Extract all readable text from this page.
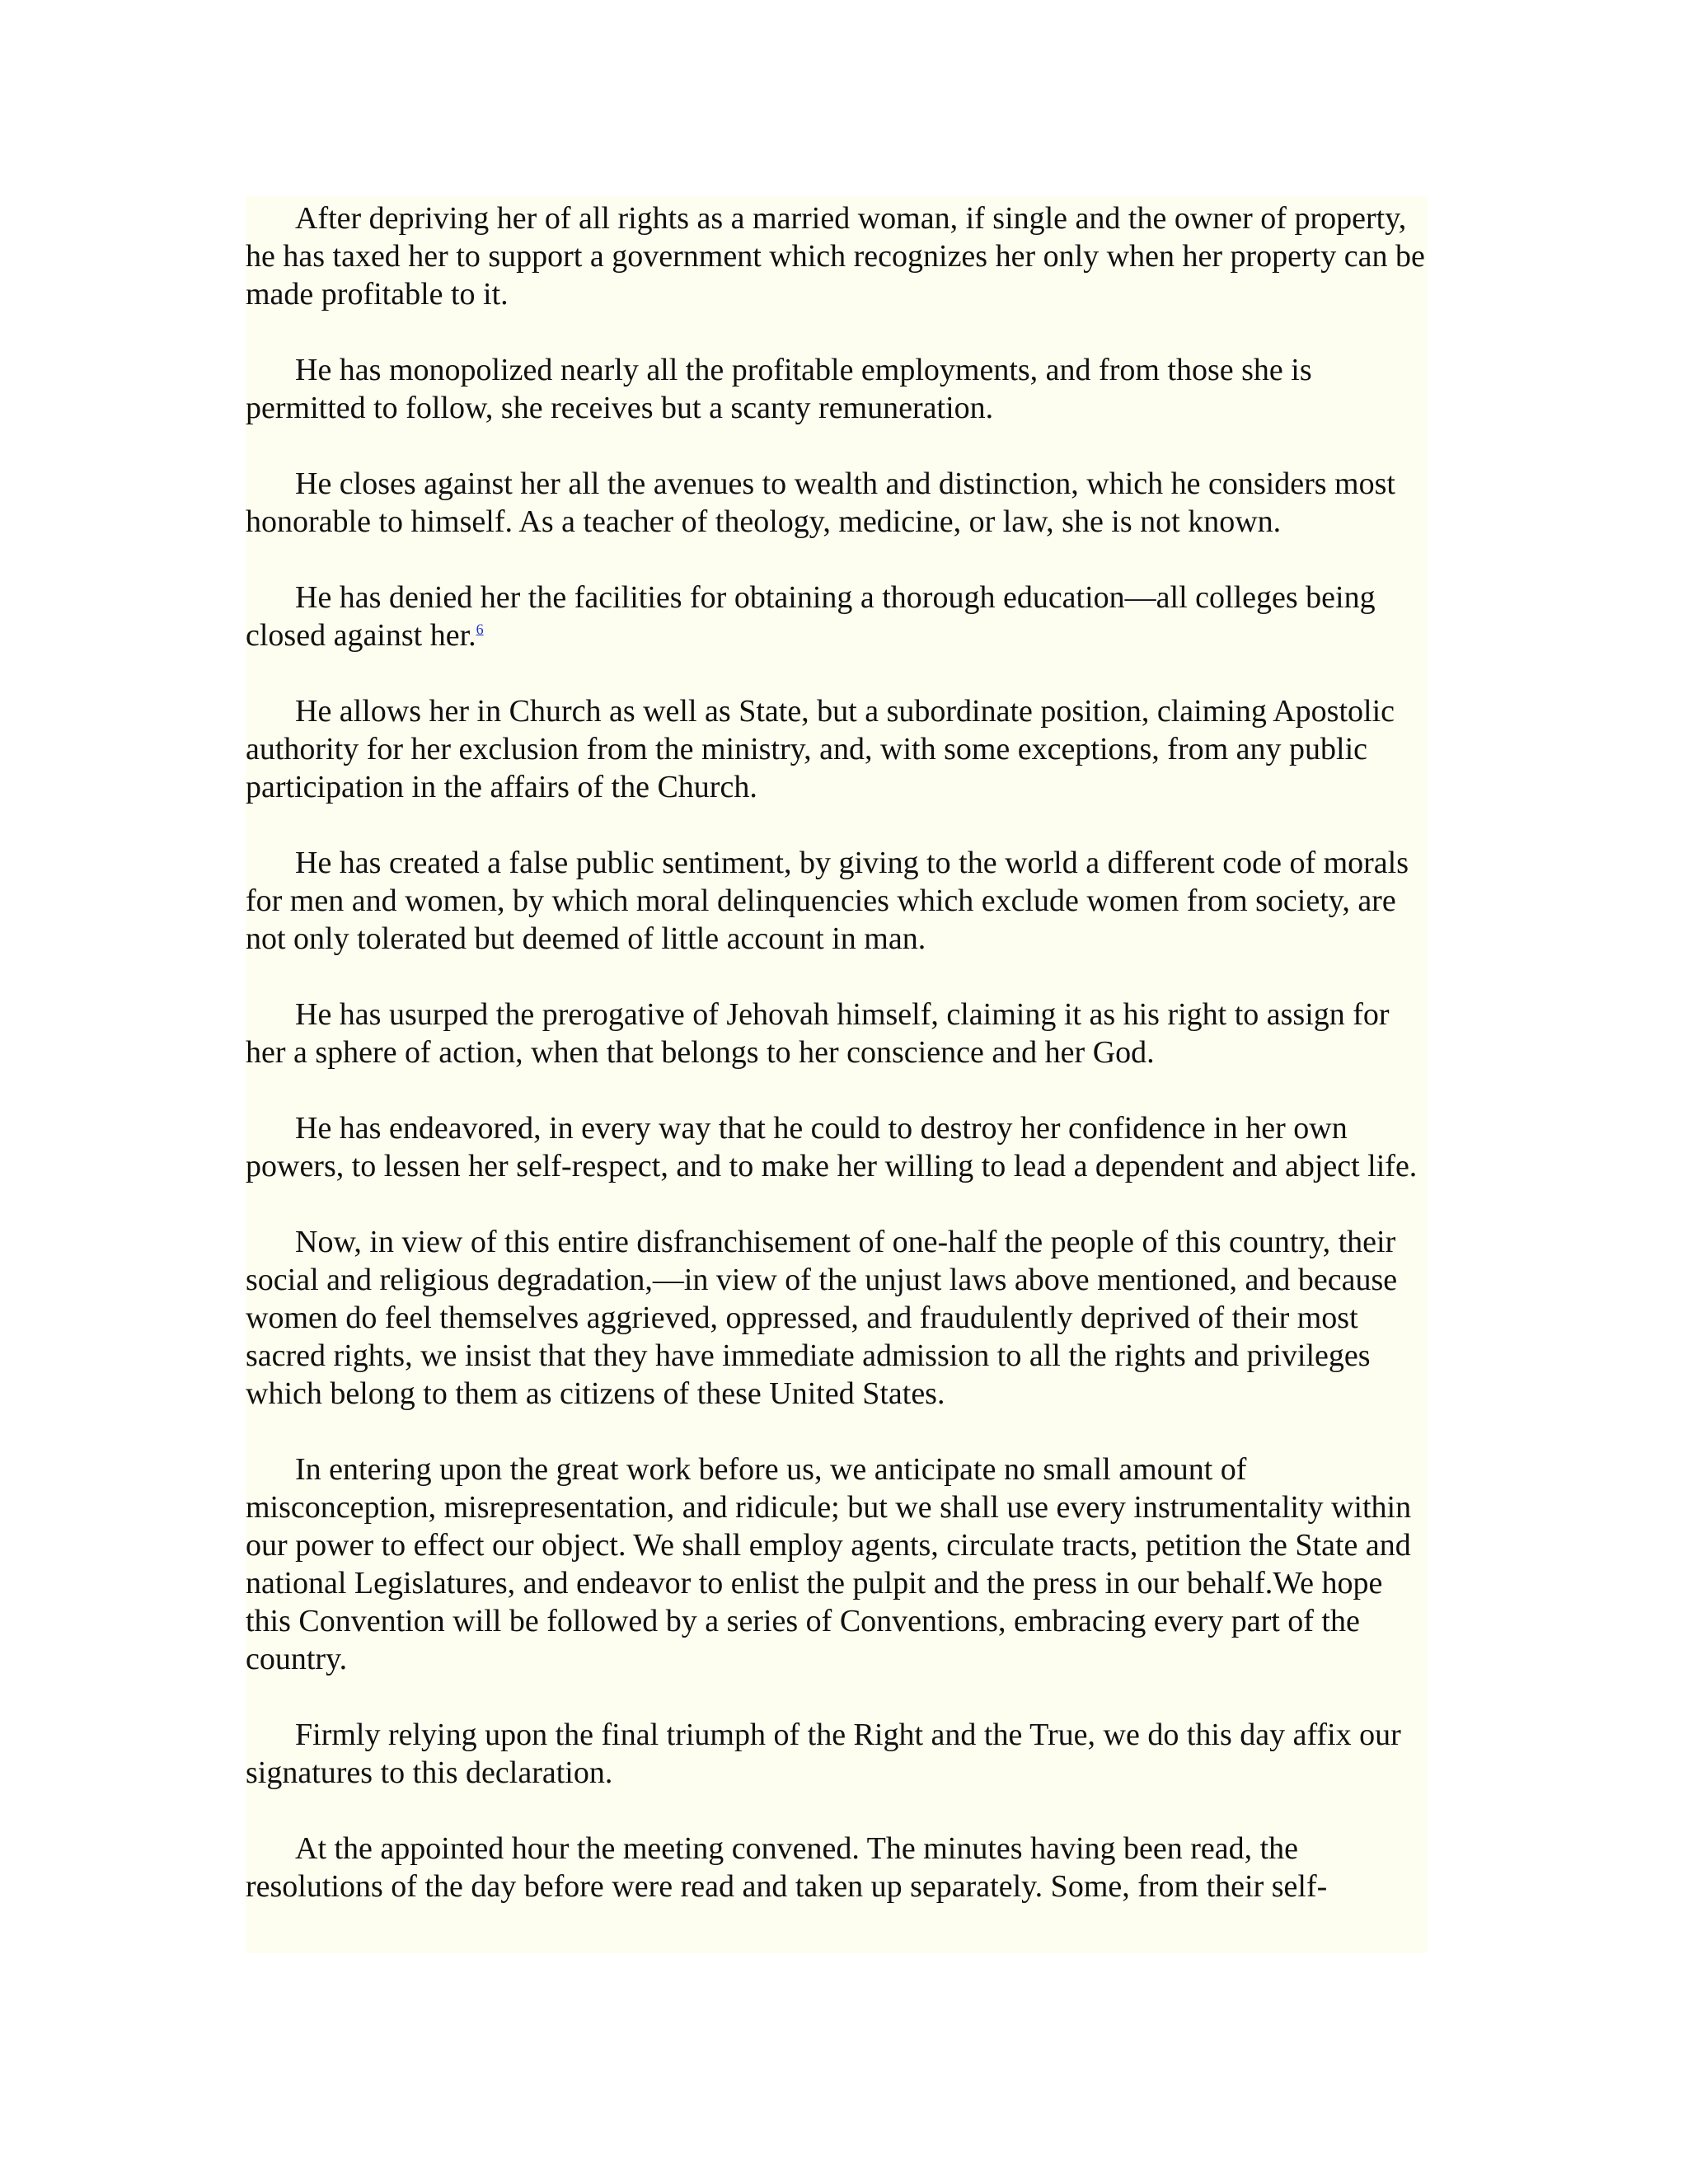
After depriving her of all rights as a married woman, if single and the owner of property, he has taxed her to support a government which recognizes her only when her property can be made profitable to it.

He has monopolized nearly all the profitable employments, and from those she is permitted to follow, she receives but a scanty remuneration.

He closes against her all the avenues to wealth and distinction, which he considers most honorable to himself. As a teacher of theology, medicine, or law, she is not known.

He has denied her the facilities for obtaining a thorough education—all colleges being closed against her.$^6$

He allows her in Church as well as State, but a subordinate position, claiming Apostolic authority for her exclusion from the ministry, and, with some exceptions, from any public participation in the affairs of the Church.

He has created a false public sentiment, by giving to the world a different code of morals for men and women, by which moral delinquencies which exclude women from society, are not only tolerated but deemed of little account in man.

He has usurped the prerogative of Jehovah himself, claiming it as his right to assign for her a sphere of action, when that belongs to her conscience and her God.

He has endeavored, in every way that he could to destroy her confidence in her own powers, to lessen her self-respect, and to make her willing to lead a dependent and abject life.

Now, in view of this entire disfranchisement of one-half the people of this country, their social and religious degradation,—in view of the unjust laws above mentioned, and because women do feel themselves aggrieved, oppressed, and fraudulently deprived of their most sacred rights, we insist that they have immediate admission to all the rights and privileges which belong to them as citizens of these United States.

In entering upon the great work before us, we anticipate no small amount of misconception, misrepresentation, and ridicule; but we shall use every instrumentality within our power to effect our object. We shall employ agents, circulate tracts, petition the State and national Legislatures, and endeavor to enlist the pulpit and the press in our behalf.We hope this Convention will be followed by a series of Conventions, embracing every part of the country.

Firmly relying upon the final triumph of the Right and the True, we do this day affix our signatures to this declaration.

At the appointed hour the meeting convened. The minutes having been read, the resolutions of the day before were read and taken up separately. Some, from their self-
